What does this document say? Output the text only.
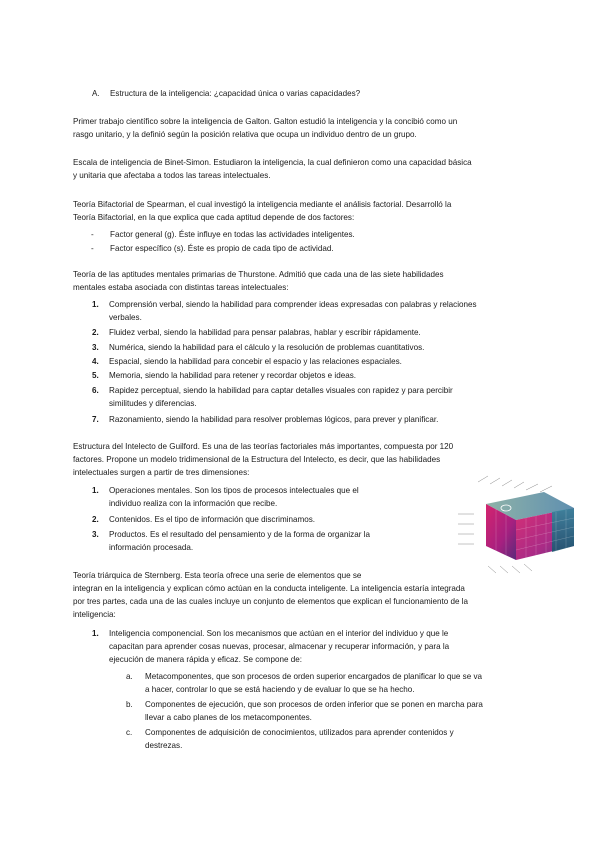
A. Estructura de la inteligencia: ¿capacidad única o varias capacidades?
Primer trabajo científico sobre la inteligencia de Galton. Galton estudió la inteligencia y la concibió como un
rasgo unitario, y la definió según la posición relativa que ocupa un individuo dentro de un grupo.
Escala de inteligencia de Binet-Simon. Estudiaron la inteligencia, la cual definieron como una capacidad básica
y unitaria que afectaba a todos las tareas intelectuales.
Teoría Bifactorial de Spearman, el cual investigó la inteligencia mediante el análisis factorial. Desarrolló la
Teoría Bifactorial, en la que explica que cada aptitud depende de dos factores:
- Factor general (g). Éste influye en todas las actividades inteligentes.
- Factor específico (s). Éste es propio de cada tipo de actividad.
Teoría de las aptitudes mentales primarias de Thurstone. Admitió que cada una de las siete habilidades
mentales estaba asociada con distintas tareas intelectuales:
1. Comprensión verbal, siendo la habilidad para comprender ideas expresadas con palabras y relaciones
verbales.
2. Fluidez verbal, siendo la habilidad para pensar palabras, hablar y escribir rápidamente.
3. Numérica, siendo la habilidad para el cálculo y la resolución de problemas cuantitativos.
4. Espacial, siendo la habilidad para concebir el espacio y las relaciones espaciales.
5. Memoria, siendo la habilidad para retener y recordar objetos e ideas.
6. Rapidez perceptual, siendo la habilidad para captar detalles visuales con rapidez y para percibir
similitudes y diferencias.
7. Razonamiento, siendo la habilidad para resolver problemas lógicos, para prever y planificar.
Estructura del Intelecto de Guilford. Es una de las teorías factoriales más importantes, compuesta por 120
factores. Propone un modelo tridimensional de la Estructura del Intelecto, es decir, que las habilidades
intelectuales surgen a partir de tres dimensiones:
1. Operaciones mentales. Son los tipos de procesos intelectuales que el
individuo realiza con la información que recibe.
2. Contenidos. Es el tipo de información que discriminamos.
3. Productos. Es el resultado del pensamiento y de la forma de organizar la
información procesada.
Teoría triárquica de Sternberg. Esta teoría ofrece una serie de elementos que se
integran en la inteligencia y explican cómo actúan en la conducta inteligente. La inteligencia estaría integrada
por tres partes, cada una de las cuales incluye un conjunto de elementos que explican el funcionamiento de la
inteligencia:
1. Inteligencia componencial. Son los mecanismos que actúan en el interior del individuo y que le
capacitan para aprender cosas nuevas, procesar, almacenar y recuperar información, y para la
ejecución de manera rápida y eficaz. Se compone de:
a. Metacomponentes, que son procesos de orden superior encargados de planificar lo que se va
a hacer, controlar lo que se está haciendo y de evaluar lo que se ha hecho.
b. Componentes de ejecución, que son procesos de orden inferior que se ponen en marcha para
llevar a cabo planes de los metacomponentes.
c. Componentes de adquisición de conocimientos, utilizados para aprender contenidos y
destrezas.
